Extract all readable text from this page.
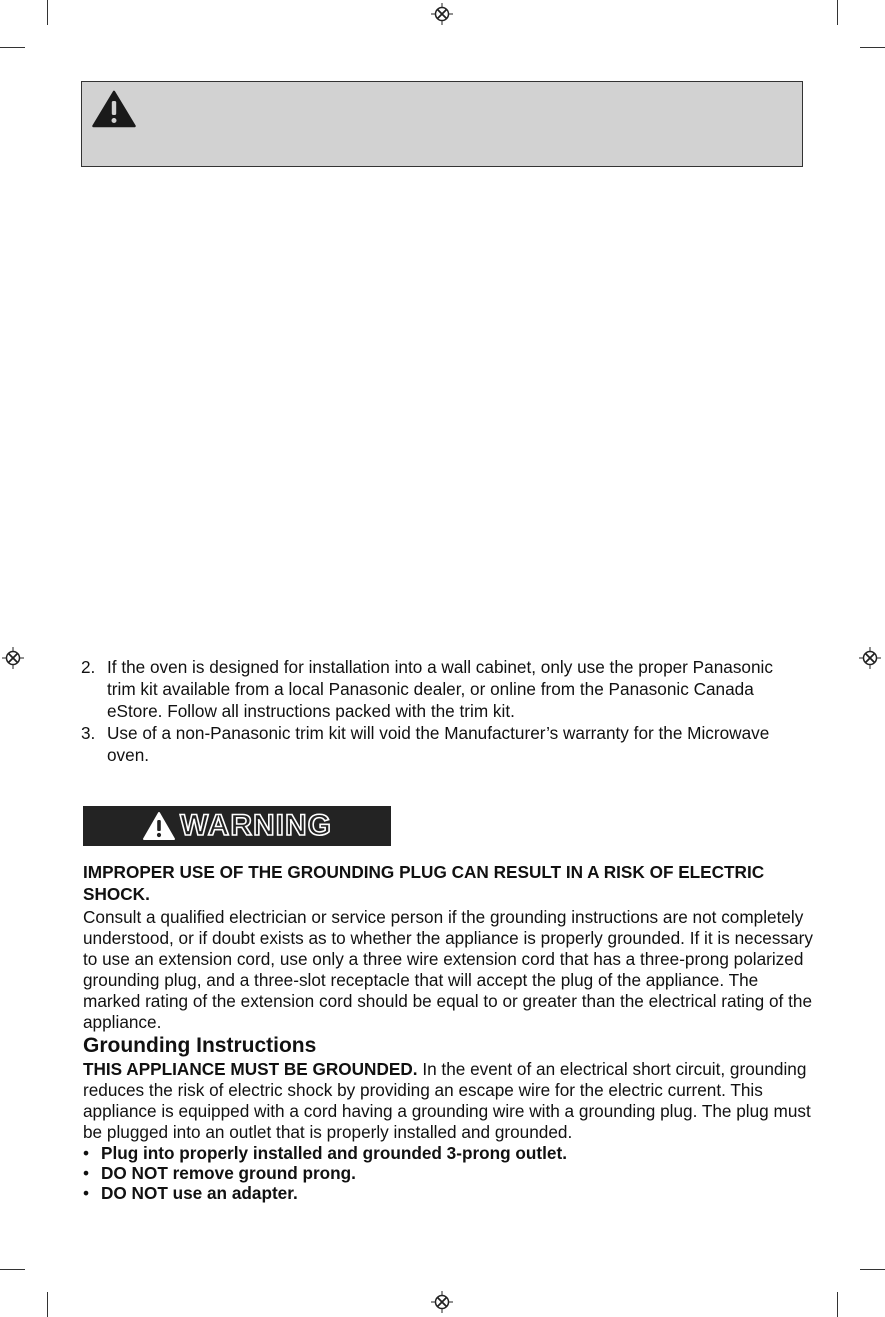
2. If the oven is designed for installation into a wall cabinet, only use the proper Panasonic trim kit available from a local Panasonic dealer, or online from the Panasonic Canada eStore. Follow all instructions packed with the trim kit.
3. Use of a non-Panasonic trim kit will void the Manufacturer’s warranty for the Microwave oven.
WARNING

IMPROPER USE OF THE GROUNDING PLUG CAN RESULT IN A RISK OF ELECTRIC SHOCK.

Consult a qualified electrician or service person if the grounding instructions are not completely understood, or if doubt exists as to whether the appliance is properly grounded. If it is necessary to use an extension cord, use only a three wire extension cord that has a three-prong polarized grounding plug, and a three-slot receptacle that will accept the plug of the appliance. The marked rating of the extension cord should be equal to or greater than the electrical rating of the appliance.

Grounding Instructions

THIS APPLIANCE MUST BE GROUNDED. In the event of an electrical short circuit, grounding reduces the risk of electric shock by providing an escape wire for the electric current. This appliance is equipped with a cord having a grounding wire with a grounding plug. The plug must be plugged into an outlet that is properly installed and grounded.

• Plug into properly installed and grounded 3-prong outlet.
• DO NOT remove ground prong.
• DO NOT use an adapter.
